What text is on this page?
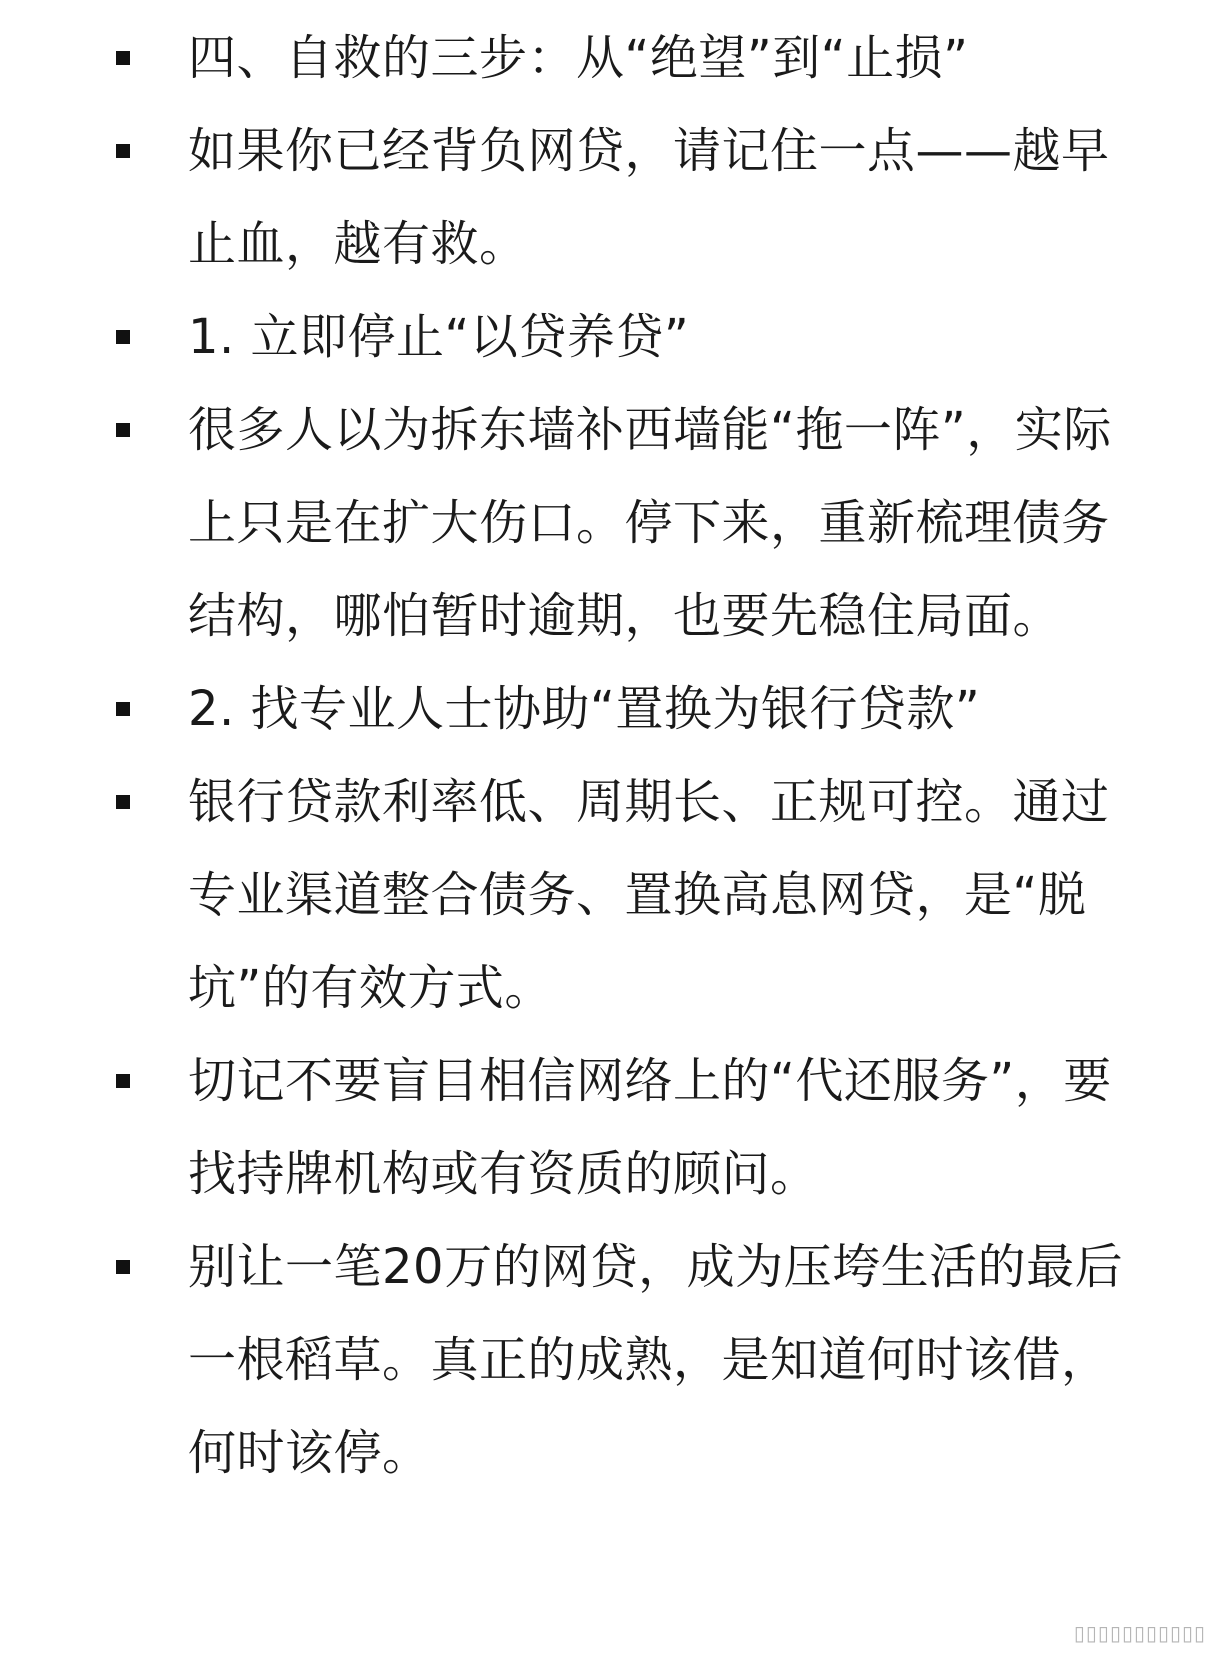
四、自救的三步：从“绝望”到“止损”
如果你已经背负网贷，请记住一点——越早止血，越有救。
1. 立即停止“以贷养贷”
很多人以为拆东墙补西墙能“拖一阵”，实际上只是在扩大伤口。停下来，重新梳理债务结构，哪怕暂时逾期，也要先稳住局面。
2. 找专业人士协助“置换为银行贷款”
银行贷款利率低、周期长、正规可控。通过专业渠道整合债务、置换高息网贷，是“脱坑”的有效方式。
切记不要盲目相信网络上的“代还服务”，要找持牌机构或有资质的顾问。
别让一笔20万的网贷，成为压垮生活的最后一根稻草。真正的成熟，是知道何时该借，何时该停。
▯▯▯▯▯▯▯▯▯▯▯
